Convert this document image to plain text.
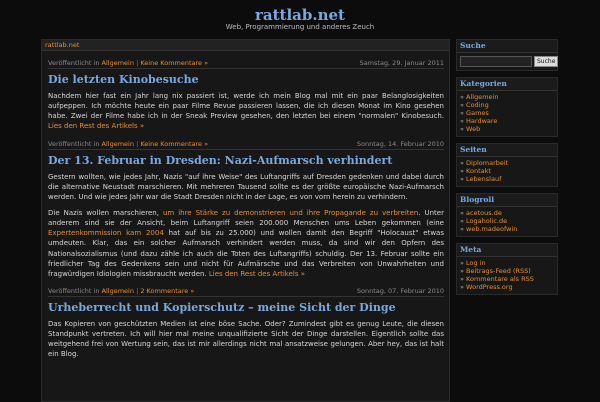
rattlab.net
Web, Programmierung und anderes Zeuch
rattlab.net
Veröffentlicht in Allgemein | Keine Kommentare »	Samstag, 29. Januar 2011
Die letzten Kinobesuche
Nachdem hier fast ein Jahr lang nix passiert ist, werde ich mein Blog mal mit ein paar Belanglosigkeiten aufpeppen. Ich möchte heute ein paar Filme Revue passieren lassen, die ich diesen Monat im Kino gesehen habe. Zwei der Filme habe ich in der Sneak Preview gesehen, den letzten bei einem "normalen" Kinobesuch. Lies den Rest des Artikels »
Veröffentlicht in Allgemein | Keine Kommentare »	Sonntag, 14. Februar 2010
Der 13. Februar in Dresden: Nazi-Aufmarsch verhindert
Gestern wollten, wie jedes Jahr, Nazis "auf ihre Weise" des Luftangriffs auf Dresden gedenken und dabei durch die alternative Neustadt marschieren. Mit mehreren Tausend sollte es der größte europäische Nazi-Aufmarsch werden. Und wie jedes Jahr war die Stadt Dresden nicht in der Lage, es von vorn herein zu verhindern.
Die Nazis wollen marschieren, um ihre Stärke zu demonstrieren und ihre Propagande zu verbreiten. Unter anderem sind sie der Ansicht, beim Luftangriff seien 200.000 Menschen ums Leben gekommen (eine Expertenkommission kam 2004 hat auf bis zu 25.000) und wollen damit den Begriff "Holocaust" etwas umdeuten. Klar, das ein solcher Aufmarsch verhindert werden muss, da sind wir den Opfern des Nationalsozialismus (und dazu zähle ich auch die Toten des Luftangriffs) schuldig. Der 13. Februar sollte ein friedlicher Tag des Gedenkens sein und nicht für Aufmärsche und das Verbreiten von Unwahrheiten und fragwürdigen Idiologien missbraucht werden. Lies den Rest des Artikels »
Veröffentlicht in Allgemein | 2 Kommentare »	Sonntag, 07. Februar 2010
Urheberrecht und Kopierschutz – meine Sicht der Dinge
Das Kopieren von geschützten Medien ist eine böse Sache. Oder? Zumindest gibt es genug Leute, die diesen Standpunkt vertreten. Ich will hier mal meine unqualifizierte Sicht der Dinge darstellen. Eigentlich sollte das weitgehend frei von Wertung sein, das ist mir allerdings nicht mal ansatzweise gelungen. Aber hey, das ist halt ein Blog.
Suche
Suche
Kategorien
» Allgemein
» Coding
» Games
» Hardware
» Web
Seiten
» Diplomarbeit
» Kontakt
» Lebenslauf
Blogroll
» acetous.de
» Logaholic.de
» web.madeofwin
Meta
» Log in
» Beitrags-Feed (RSS)
» Kommentare als RSS
» WordPress.org
